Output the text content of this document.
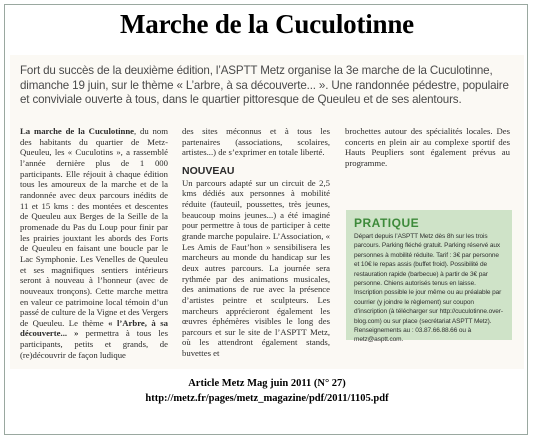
Marche de la Cuculotinne
Fort du succès de la deuxième édition, l’ASPTT Metz organise la 3e marche de la Cuculotinne, dimanche 19 juin, sur le thème « L’arbre, à sa découverte... ». Une randonnée pédestre, populaire et conviviale ouverte à tous, dans le quartier pittoresque de Queuleu et de ses alentours.

La marche de la Cuculotinne, du nom des habitants du quartier de Metz-Queuleu, les « Cuculotins », a rassemblé l’année dernière plus de 1 000 participants. Elle réjouit à chaque édition tous les amoureux de la marche et de la randonnée avec deux parcours inédits de 11 et 15 kms : des montées et descentes de Queuleu aux Berges de la Seille de la promenade du Pas du Loup pour finir par les prairies jouxtant les abords des Forts de Queuleu en faisant une boucle par le Lac Symphonie. Les Venelles de Queuleu et ses magnifiques sentiers intérieurs seront à nouveau à l’honneur (avec de nouveaux tronçons). Cette marche mettra en valeur ce patrimoine local témoin d’un passé de culture de la Vigne et des Vergers de Queuleu. Le thème « l’Arbre, à sa découverte... » permettra à tous les participants, petits et grands, de (re)découvrir de façon ludique

des sites méconnus et à tous les partenaires (associations, scolaires, artistes...) de s’exprimer en totale liberté.

NOUVEAU

Un parcours adapté sur un circuit de 2,5 kms dédiés aux personnes à mobilité réduite (fauteuil, poussettes, très jeunes, beaucoup moins jeunes...) a été imaginé pour permettre à tous de participer à cette grande marche populaire. L’Association, « Les Amis de Faut’hon » sensibilisera les marcheurs au monde du handicap sur les deux autres parcours. La journée sera rythmée par des animations musicales, des animations de rue avec la présence d’artistes peintre et sculpteurs. Les marcheurs apprécieront également les œuvres éphémères visibles le long des parcours et sur le site de l’ASPTT Metz, où les attendront également stands, buvettes et

brochettes autour des spécialités locales. Des concerts en plein air au complexe sportif des Hauts Peupliers sont également prévus au programme.

PRATIQUE
Départ depuis l’ASPTT Metz dès 8h sur les trois parcours. Parking fléché gratuit. Parking réservé aux personnes à mobilité réduite. Tarif : 3€ par personne et 10€ le repas assis (buffet froid). Possibilité de restauration rapide (barbecue) à partir de 3€ par personne. Chiens autorisés tenus en laisse. Inscription possible le jour même ou au préalable par courrier (y joindre le règlement) sur coupon d’inscription (à télécharger sur http://cuculotinne.over-blog.com) ou sur place (secrétariat ASPTT Metz). Renseignements au : 03.87.66.88.66 ou à metz@asptt.com.
Article Metz Mag juin 2011 (N° 27)
http://metz.fr/pages/metz_magazine/pdf/2011/1105.pdf
